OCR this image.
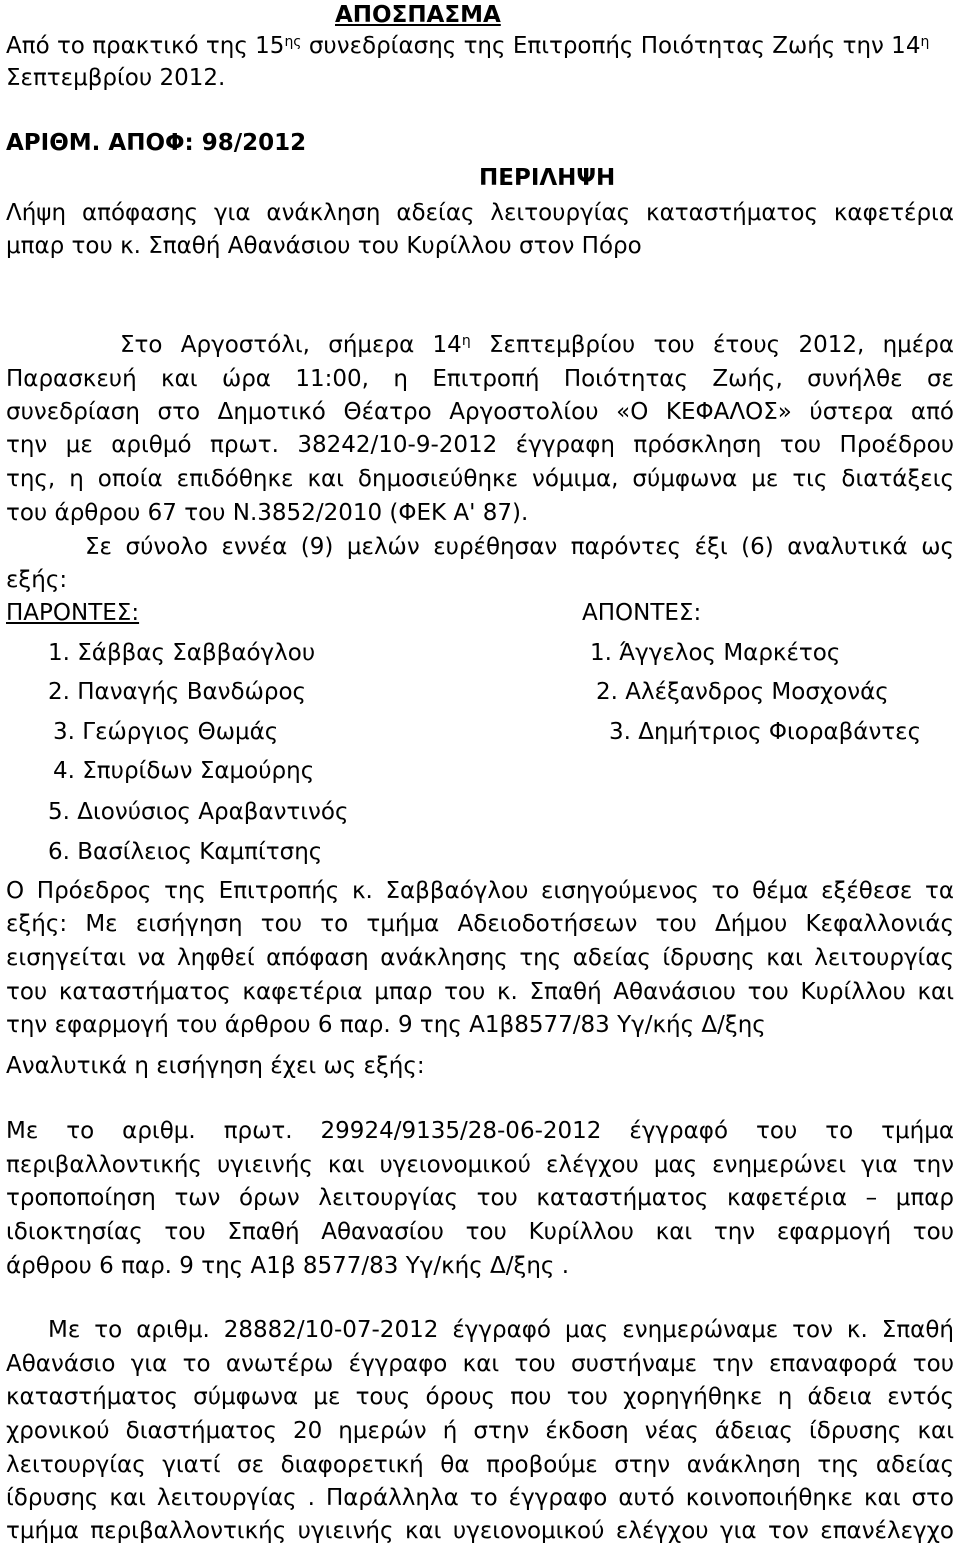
ΑΠΟΣΠΑΣΜΑ
Από το πρακτικό της $15^{\eta\varsigma}$ συνεδρίασης της Επιτροπής Ποιότητας Ζωής την $14^\eta$
Σεπτεμβρίου 2012.
ΑΡΙΘΜ. ΑΠΟΦ: 98/2012
ΠΕΡΙΛΗΨΗ
Λήψη απόφασης για ανάκληση αδείας λειτουργίας καταστήματος καφετέρια
μπαρ του κ. Σπαθή Αθανάσιου του Κυρίλλου στον Πόρο
Στο Αργοστόλι, σήμερα $14^\eta$ Σεπτεμβρίου του έτους 2012, ημέρα
Παρασκευή και ώρα 11:00, η Επιτροπή Ποιότητας Ζωής, συνήλθε σε
συνεδρίαση στο Δημοτικό Θέατρο Αργοστολίου «Ο ΚΕΦΑΛΟΣ» ύστερα από
την με αριθμό πρωτ. 38242/10-9-2012 έγγραφη πρόσκληση του Προέδρου
της, η οποία επιδόθηκε και δημοσιεύθηκε νόμιμα, σύμφωνα με τις διατάξεις
του άρθρου 67 του Ν.3852/2010 (ΦΕΚ Α' 87).
Σε σύνολο εννέα (9) μελών ευρέθησαν παρόντες έξι (6) αναλυτικά ως
εξής:
ΠΑΡΟΝΤΕΣ:	ΑΠΟΝΤΕΣ:
1. Σάββας Σαββαόγλου
2. Παναγής Βανδώρος
3. Γεώργιος Θωμάς
4. Σπυρίδων Σαμούρης
5. Διονύσιος Αραβαντινός
6. Βασίλειος Καμπίτσης
1. Άγγελος Μαρκέτος
2. Αλέξανδρος Μοσχονάς
3. Δημήτριος Φιοραβάντες
Ο Πρόεδρος της Επιτροπής κ. Σαββαόγλου εισηγούμενος το θέμα εξέθεσε τα
εξής: Με εισήγηση του το τμήμα Αδειοδοτήσεων του Δήμου Κεφαλλονιάς
εισηγείται να ληφθεί απόφαση ανάκλησης της αδείας ίδρυσης και λειτουργίας
του καταστήματος καφετέρια μπαρ του κ. Σπαθή Αθανάσιου του Κυρίλλου και
την εφαρμογή του άρθρου 6 παρ. 9 της Α1β8577/83 Υγ/κής Δ/ξης
Αναλυτικά η εισήγηση έχει ως εξής:
Με το αριθμ. πρωτ. 29924/9135/28-06-2012 έγγραφό του το τμήμα
περιβαλλοντικής υγιεινής και υγειονομικού ελέγχου μας ενημερώνει για την
τροποποίηση των όρων λειτουργίας του καταστήματος καφετέρια – μπαρ
ιδιοκτησίας του Σπαθή Αθανασίου του Κυρίλλου και την εφαρμογή του
άρθρου 6 παρ. 9 της Α1β 8577/83 Υγ/κής Δ/ξης .
Με το αριθμ. 28882/10-07-2012 έγγραφό μας ενημερώναμε τον κ. Σπαθή
Αθανάσιο για το ανωτέρω έγγραφο και του συστήναμε την επαναφορά του
καταστήματος σύμφωνα με τους όρους που του χορηγήθηκε η άδεια εντός
χρονικού διαστήματος 20 ημερών ή στην έκδοση νέας άδειας ίδρυσης και
λειτουργίας γιατί σε διαφορετική θα προβούμε στην ανάκληση της αδείας
ίδρυσης και λειτουργίας . Παράλληλα το έγγραφο αυτό κοινοποιήθηκε και στο
τμήμα περιβαλλοντικής υγιεινής και υγειονομικού ελέγχου για τον επανέλεγχο
